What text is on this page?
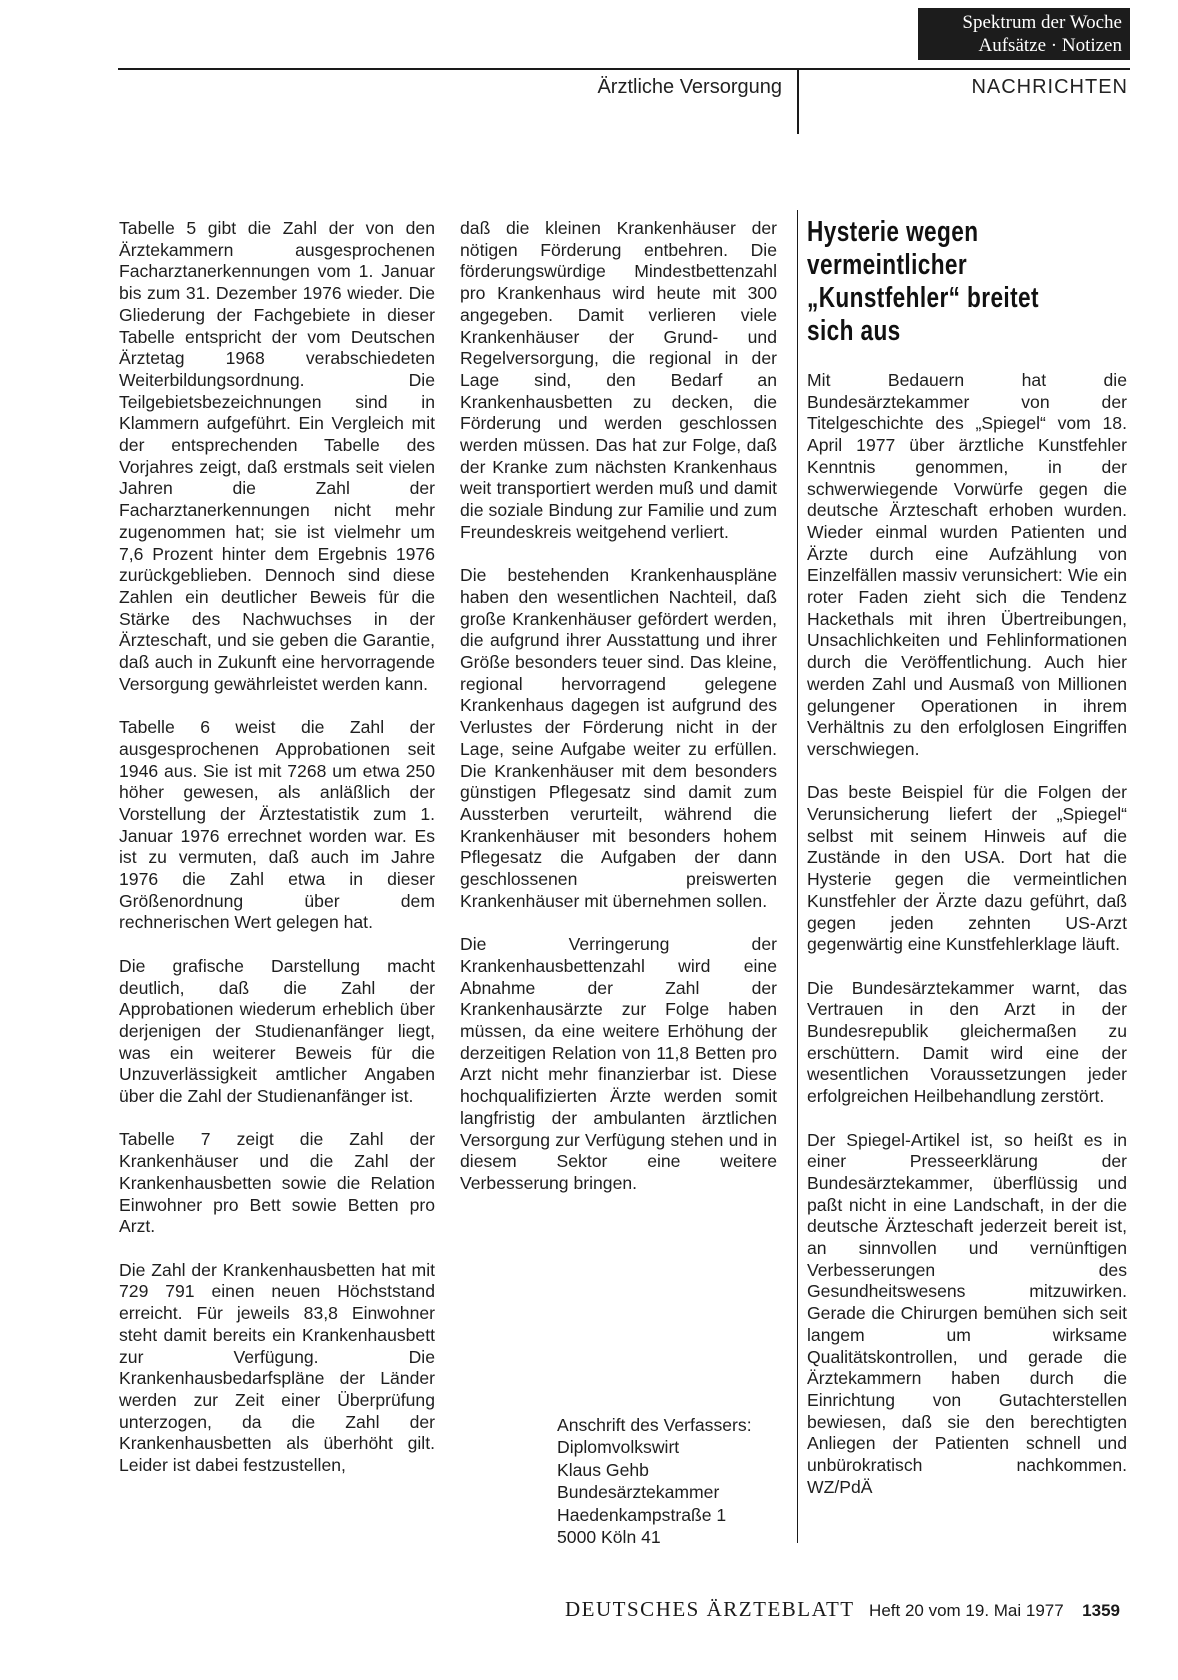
Spektrum der Woche
Aufsätze · Notizen
Ärztliche Versorgung	NACHRICHTEN

Tabelle 5 gibt die Zahl der von den Ärztekammern ausgesprochenen Facharztanerkennungen vom 1. Januar bis zum 31. Dezember 1976 wieder. Die Gliederung der Fachgebiete in dieser Tabelle entspricht der vom Deutschen Ärztetag 1968 verabschiedeten Weiterbildungsordnung. Die Teilgebietsbezeichnungen sind in Klammern aufgeführt. Ein Vergleich mit der entsprechenden Tabelle des Vorjahres zeigt, daß erstmals seit vielen Jahren die Zahl der Facharztanerkennungen nicht mehr zugenommen hat; sie ist vielmehr um 7,6 Prozent hinter dem Ergebnis 1976 zurückgeblieben. Dennoch sind diese Zahlen ein deutlicher Beweis für die Stärke des Nachwuchses in der Ärzteschaft, und sie geben die Garantie, daß auch in Zukunft eine hervorragende Versorgung gewährleistet werden kann.

Tabelle 6 weist die Zahl der ausgesprochenen Approbationen seit 1946 aus. Sie ist mit 7268 um etwa 250 höher gewesen, als anläßlich der Vorstellung der Ärztestatistik zum 1. Januar 1976 errechnet worden war. Es ist zu vermuten, daß auch im Jahre 1976 die Zahl etwa in dieser Größenordnung über dem rechnerischen Wert gelegen hat.

Die grafische Darstellung macht deutlich, daß die Zahl der Approbationen wiederum erheblich über derjenigen der Studienanfänger liegt, was ein weiterer Beweis für die Unzuverlässigkeit amtlicher Angaben über die Zahl der Studienanfänger ist.

Tabelle 7 zeigt die Zahl der Krankenhäuser und die Zahl der Krankenhausbetten sowie die Relation Einwohner pro Bett sowie Betten pro Arzt.

Die Zahl der Krankenhausbetten hat mit 729 791 einen neuen Höchststand erreicht. Für jeweils 83,8 Einwohner steht damit bereits ein Krankenhausbett zur Verfügung. Die Krankenhausbedarfspläne der Länder werden zur Zeit einer Überprüfung unterzogen, da die Zahl der Krankenhausbetten als überhöht gilt. Leider ist dabei festzustellen,

daß die kleinen Krankenhäuser der nötigen Förderung entbehren. Die förderungswürdige Mindestbettenzahl pro Krankenhaus wird heute mit 300 angegeben. Damit verlieren viele Krankenhäuser der Grund- und Regelversorgung, die regional in der Lage sind, den Bedarf an Krankenhausbetten zu decken, die Förderung und werden geschlossen werden müssen. Das hat zur Folge, daß der Kranke zum nächsten Krankenhaus weit transportiert werden muß und damit die soziale Bindung zur Familie und zum Freundeskreis weitgehend verliert.

Die bestehenden Krankenhauspläne haben den wesentlichen Nachteil, daß große Krankenhäuser gefördert werden, die aufgrund ihrer Ausstattung und ihrer Größe besonders teuer sind. Das kleine, regional hervorragend gelegene Krankenhaus dagegen ist aufgrund des Verlustes der Förderung nicht in der Lage, seine Aufgabe weiter zu erfüllen. Die Krankenhäuser mit dem besonders günstigen Pflegesatz sind damit zum Aussterben verurteilt, während die Krankenhäuser mit besonders hohem Pflegesatz die Aufgaben der dann geschlossenen preiswerten Krankenhäuser mit übernehmen sollen.

Die Verringerung der Krankenhausbettenzahl wird eine Abnahme der Zahl der Krankenhausärzte zur Folge haben müssen, da eine weitere Erhöhung der derzeitigen Relation von 11,8 Betten pro Arzt nicht mehr finanzierbar ist. Diese hochqualifizierten Ärzte werden somit langfristig der ambulanten ärztlichen Versorgung zur Verfügung stehen und in diesem Sektor eine weitere Verbesserung bringen.

Anschrift des Verfassers:
Diplomvolkswirt
Klaus Gehb
Bundesärztekammer
Haedenkampstraße 1
5000 Köln 41
Hysterie wegen vermeintlicher „Kunstfehler“ breitet sich aus

Mit Bedauern hat die Bundesärztekammer von der Titelgeschichte des „Spiegel“ vom 18. April 1977 über ärztliche Kunstfehler Kenntnis genommen, in der schwerwiegende Vorwürfe gegen die deutsche Ärzteschaft erhoben wurden. Wieder einmal wurden Patienten und Ärzte durch eine Aufzählung von Einzelfällen massiv verunsichert: Wie ein roter Faden zieht sich die Tendenz Hackethals mit ihren Übertreibungen, Unsachlichkeiten und Fehlinformationen durch die Veröffentlichung. Auch hier werden Zahl und Ausmaß von Millionen gelungener Operationen in ihrem Verhältnis zu den erfolglosen Eingriffen verschwiegen.

Das beste Beispiel für die Folgen der Verunsicherung liefert der „Spiegel“ selbst mit seinem Hinweis auf die Zustände in den USA. Dort hat die Hysterie gegen die vermeintlichen Kunstfehler der Ärzte dazu geführt, daß gegen jeden zehnten US-Arzt gegenwärtig eine Kunstfehlerklage läuft.

Die Bundesärztekammer warnt, das Vertrauen in den Arzt in der Bundesrepublik gleichermaßen zu erschüttern. Damit wird eine der wesentlichen Voraussetzungen jeder erfolgreichen Heilbehandlung zerstört.

Der Spiegel-Artikel ist, so heißt es in einer Presseerklärung der Bundesärztekammer, überflüssig und paßt nicht in eine Landschaft, in der die deutsche Ärzteschaft jederzeit bereit ist, an sinnvollen und vernünftigen Verbesserungen des Gesundheitswesens mitzuwirken. Gerade die Chirurgen bemühen sich seit langem um wirksame Qualitätskontrollen, und gerade die Ärztekammern haben durch die Einrichtung von Gutachterstellen bewiesen, daß sie den berechtigten Anliegen der Patienten schnell und unbürokratisch nachkommen.      WZ/PdÄ

DEUTSCHES ÄRZTEBLATT Heft 20 vom 19. Mai 1977 1359
